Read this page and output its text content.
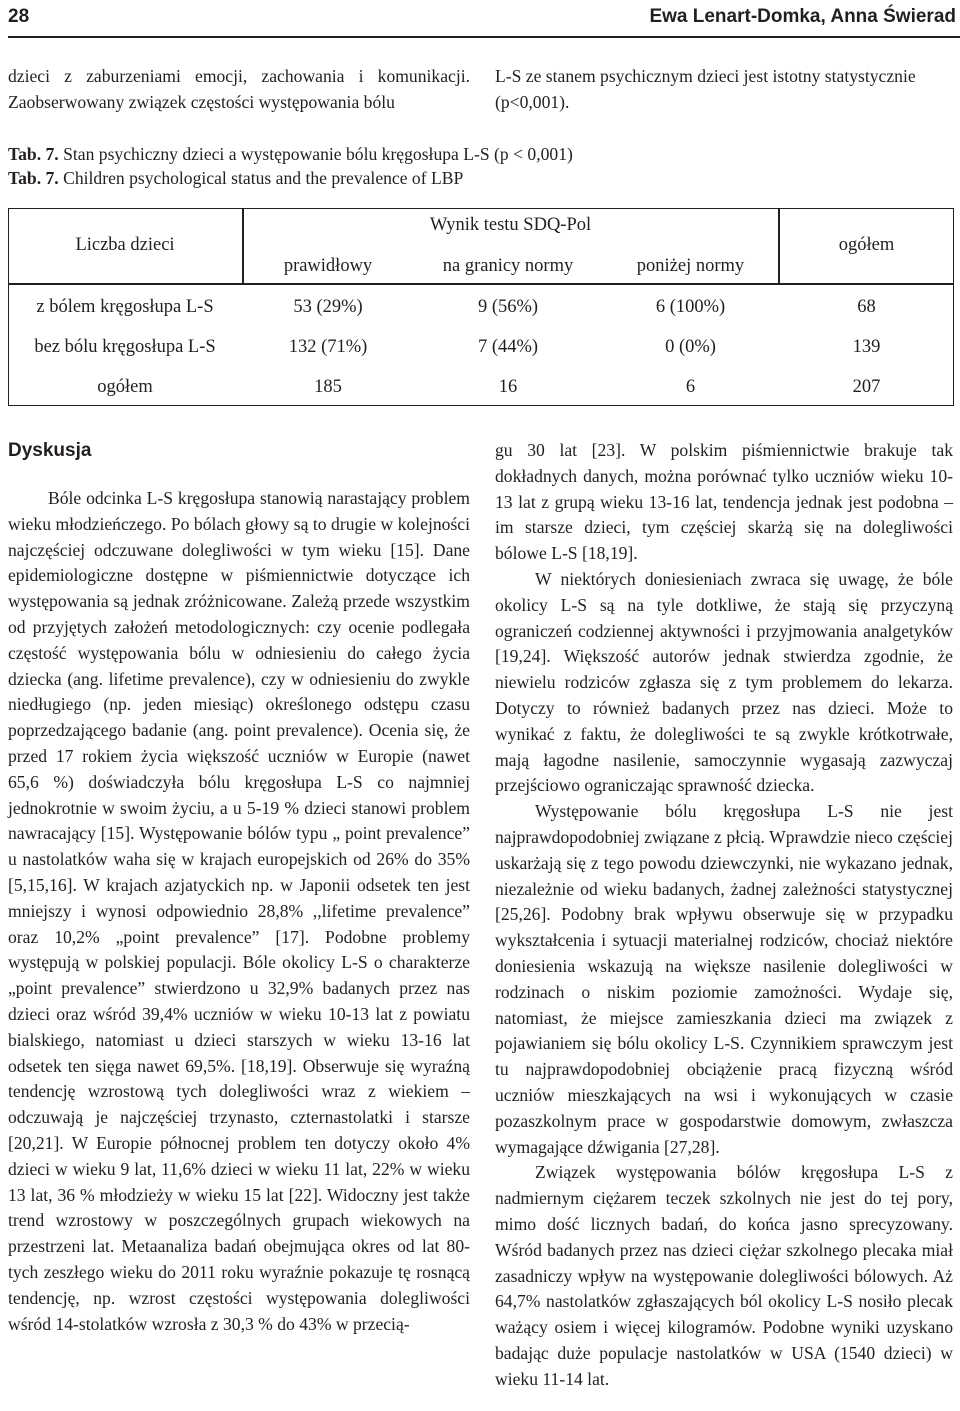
28	Ewa Lenart-Domka, Anna Świerad

dzieci z zaburzeniami emocji, zachowania i komunikacji. Zaobserwowany związek częstości występowania bólu

L-S ze stanem psychicznym dzieci jest istotny statystycznie (p<0,001).

Tab. 7. Stan psychiczny dzieci a występowanie bólu kręgosłupa L-S (p < 0,001)
Tab. 7. Children psychological status and the prevalence of LBP
Liczba dzieci
Wynik testu SDQ-Pol
ogółem
prawidłowy	na granicy normy	poniżej normy
z bólem kręgosłupa L-S	53 (29%)	9 (56%)	6 (100%)	68
bez bólu kręgosłupa L-S	132 (71%)	7 (44%)	0 (0%)	139
ogółem	185	16	6	207
Dyskusja

Bóle odcinka L-S kręgosłupa stanowią narastający problem wieku młodzieńczego. Po bólach głowy są to drugie w kolejności najczęściej odczuwane dolegliwości w tym wieku [15]. Dane epidemiologiczne dostępne w piśmiennictwie dotyczące ich występowania są jednak zróżnicowane. Zależą przede wszystkim od przyjętych założeń metodologicznych: czy ocenie podlegała częstość występowania bólu w odniesieniu do całego życia dziecka (ang. lifetime prevalence), czy w odniesieniu do zwykle niedługiego (np. jeden miesiąc) określonego odstępu czasu poprzedzającego badanie (ang. point prevalence). Ocenia się, że przed 17 rokiem życia większość uczniów w Europie (nawet 65,6 %) doświadczyła bólu kręgosłupa L-S co najmniej jednokrotnie w swoim życiu, a u 5-19 % dzieci stanowi problem nawracający [15]. Występowanie bólów typu „ point prevalence” u nastolatków waha się w krajach europejskich od 26% do 35% [5,15,16]. W krajach azjatyckich np. w Japonii odsetek ten jest mniejszy i wynosi odpowiednio 28,8% ,,lifetime prevalence” oraz 10,2% „point prevalence” [17]. Podobne problemy występują w polskiej populacji. Bóle okolicy L-S o charakterze „point prevalence” stwierdzono u 32,9% badanych przez nas dzieci oraz wśród 39,4% uczniów w wieku 10-13 lat z powiatu bialskiego, natomiast u dzieci starszych w wieku 13-16 lat odsetek ten sięga nawet 69,5%. [18,19]. Obserwuje się wyraźną tendencję wzrostową tych dolegliwości wraz z wiekiem – odczuwają je najczęściej trzynasto, czternastolatki i starsze [20,21]. W Europie północnej problem ten dotyczy około 4% dzieci w wieku 9 lat, 11,6% dzieci w wieku 11 lat, 22% w wieku 13 lat, 36 % młodzieży w wieku 15 lat [22]. Widoczny jest także trend wzrostowy w poszczególnych grupach wiekowych na przestrzeni lat. Metaanaliza badań obejmująca okres od lat 80-tych zeszłego wieku do 2011 roku wyraźnie pokazuje tę rosnącą tendencję, np. wzrost częstości występowania dolegliwości wśród 14-stolatków wzrosła z 30,3 % do 43% w przecią-

gu 30 lat [23]. W polskim piśmiennictwie brakuje tak dokładnych danych, można porównać tylko uczniów wieku 10-13 lat z grupą wieku 13-16 lat, tendencja jednak jest podobna – im starsze dzieci, tym częściej skarżą się na dolegliwości bólowe L-S [18,19].

W niektórych doniesieniach zwraca się uwagę, że bóle okolicy L-S są na tyle dotkliwe, że stają się przyczyną ograniczeń codziennej aktywności i przyjmowania analgetyków [19,24]. Większość autorów jednak stwierdza zgodnie, że niewielu rodziców zgłasza się z tym problemem do lekarza. Dotyczy to również badanych przez nas dzieci. Może to wynikać z faktu, że dolegliwości te są zwykle krótkotrwałe, mają łagodne nasilenie, samoczynnie wygasają zazwyczaj przejściowo ograniczając sprawność dziecka.

Występowanie bólu kręgosłupa L-S nie jest najprawdopodobniej związane z płcią. Wprawdzie nieco częściej uskarżają się z tego powodu dziewczynki, nie wykazano jednak, niezależnie od wieku badanych, żadnej zależności statystycznej [25,26]. Podobny brak wpływu obserwuje się w przypadku wykształcenia i sytuacji materialnej rodziców, chociaż niektóre doniesienia wskazują na większe nasilenie dolegliwości w rodzinach o niskim poziomie zamożności. Wydaje się, natomiast, że miejsce zamieszkania dzieci ma związek z pojawianiem się bólu okolicy L-S. Czynnikiem sprawczym jest tu najprawdopodobniej obciążenie pracą fizyczną wśród uczniów mieszkających na wsi i wykonujących w czasie pozaszkolnym prace w gospodarstwie domowym, zwłaszcza wymagające dźwigania [27,28].

Związek występowania bólów kręgosłupa L-S z nadmiernym ciężarem teczek szkolnych nie jest do tej pory, mimo dość licznych badań, do końca jasno sprecyzowany. Wśród badanych przez nas dzieci ciężar szkolnego plecaka miał zasadniczy wpływ na występowanie dolegliwości bólowych. Aż 64,7% nastolatków zgłaszających ból okolicy L-S nosiło plecak ważący osiem i więcej kilogramów. Podobne wyniki uzyskano badając duże populacje nastolatków w USA (1540 dzieci) w wieku 11-14 lat.
